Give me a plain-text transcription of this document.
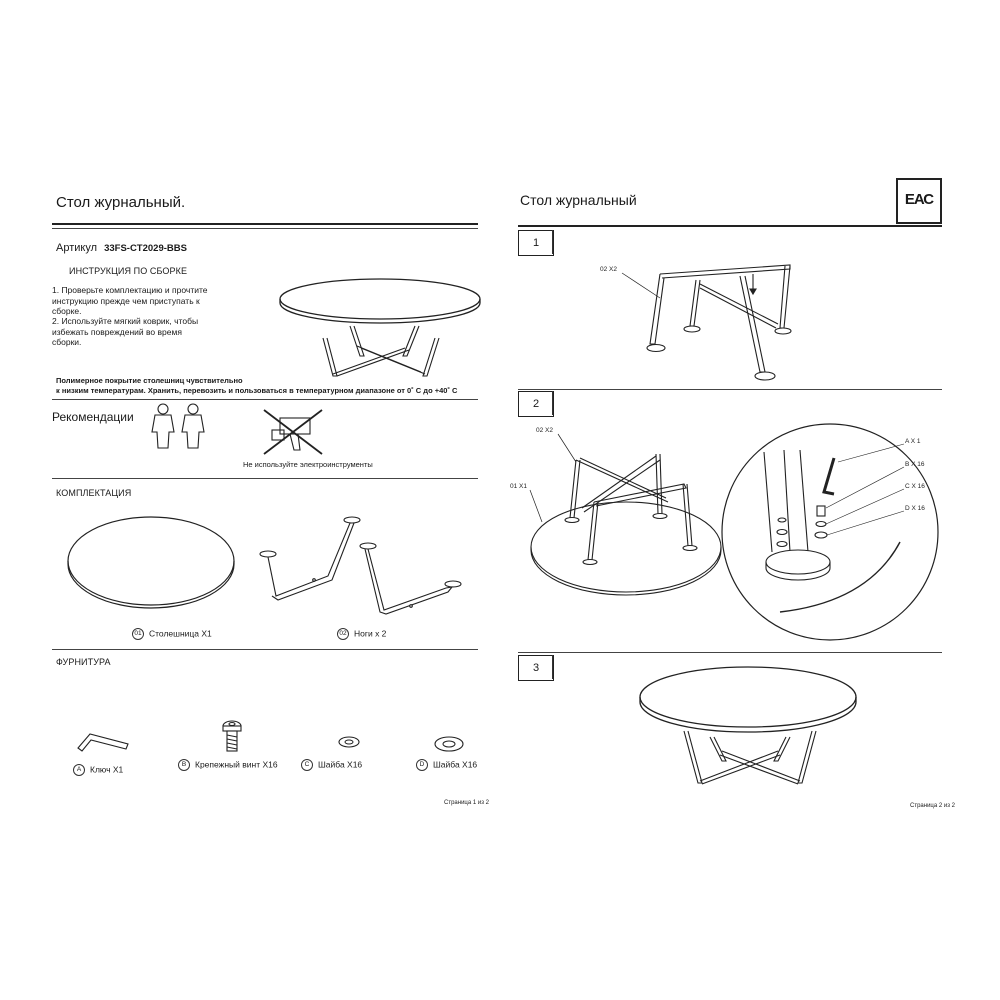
Стол журнальный.
Артикул 33FS-CT2029-BBS
ИНСТРУКЦИЯ ПО СБОРКЕ
1. Проверьте комплектацию и прочтите инструкцию прежде чем приступать к сборке.
2. Используйте мягкий коврик, чтобы избежать повреждений во время сборки.
Полимерное покрытие столешниц чувствительно
к низким температурам. Хранить, перевозить и пользоваться в температурном диапазоне от 0˚ С до +40˚ С
Рекомендации
Не используйте электроинструменты
КОМПЛЕКТАЦИЯ
01 Столешница X1	02 Ноги х 2
ФУРНИТУРА
A Ключ X1	B Крепежный винт X16	C Шайба X16	D Шайба X16
Страница 1 из 2
Стол журнальный	ЕАС
1
02 X2
2
02 X2
01 X1
A X 1
B X 16
C X 16
D X 16
3
Страница 2 из 2
